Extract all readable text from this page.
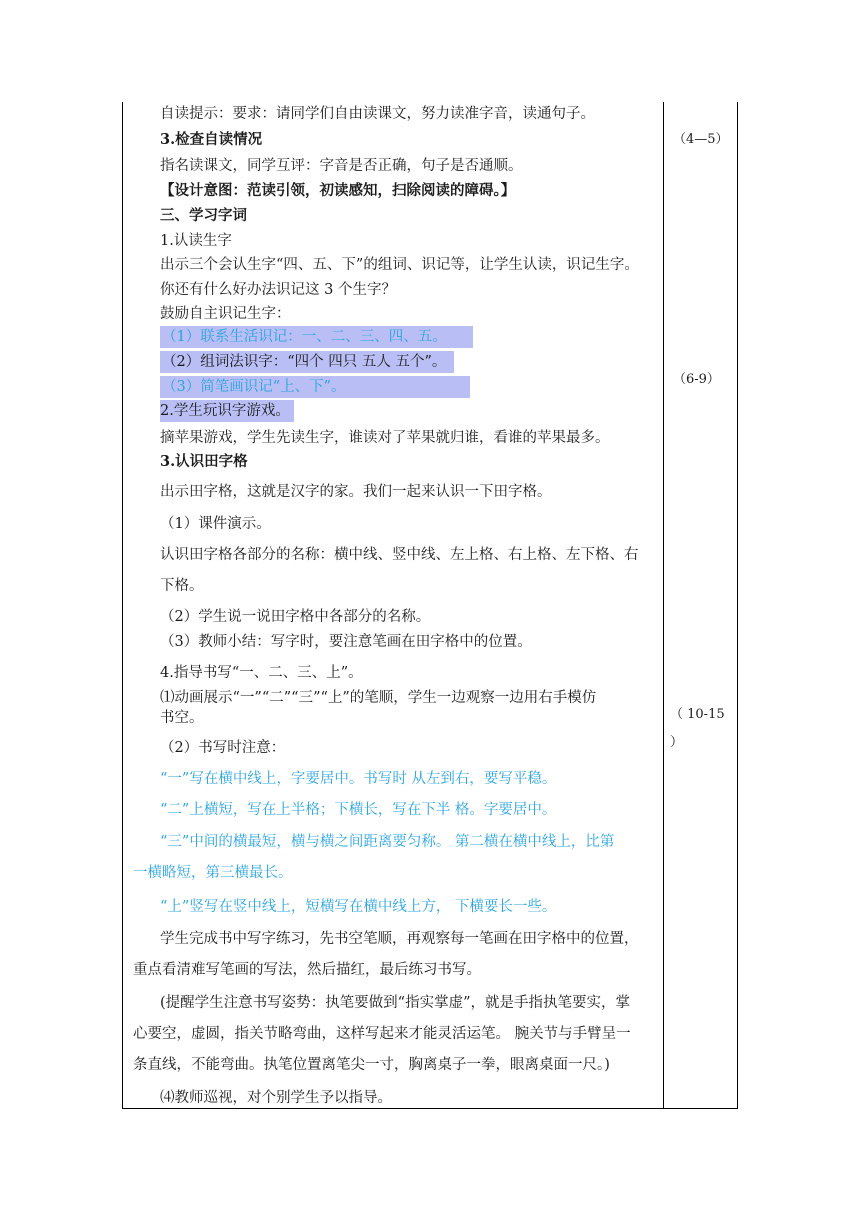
自读提示：要求：请同学们自由读课文，努力读准字音，读通句子。
3.检查自读情况
指名读课文，同学互评：字音是否正确，句子是否通顺。
【设计意图：范读引领，初读感知，扫除阅读的障碍。】
三、学习字词
1.认读生字
出示三个会认生字“四、五、下”的组词、识记等，让学生认读，识记生字。
你还有什么好办法识记这 3 个生字？
鼓励自主识记生字：
（1）联系生活识记：一、二、三、四、五。
（2）组词法识字：“四个 四只 五人 五个”。
（3）简笔画识记“上、下”。
2.学生玩识字游戏。
摘苹果游戏，学生先读生字，谁读对了苹果就归谁，看谁的苹果最多。
3.认识田字格
出示田字格，这就是汉字的家。我们一起来认识一下田字格。
（1）课件演示。
认识田字格各部分的名称：横中线、竖中线、左上格、右上格、左下格、右
下格。
（2）学生说一说田字格中各部分的名称。
（3）教师小结：写字时，要注意笔画在田字格中的位置。
4.指导书写“一、二、三、上”。
⑴动画展示“一”“二”“三”“上”的笔顺，学生一边观察一边用右手模仿
书空。
（2）书写时注意：
“一”写在横中线上，字要居中。书写时 从左到右，要写平稳。
“二”上横短，写在上半格；下横长，写在下半 格。字要居中。
“三”中间的横最短，横与横之间距离要匀称。 第二横在横中线上，比第
一横略短，第三横最长。
“上”竖写在竖中线上，短横写在横中线上方， 下横要长一些。
学生完成书中写字练习，先书空笔顺，再观察每一笔画在田字格中的位置，
重点看清难写笔画的写法，然后描红，最后练习书写。
(提醒学生注意书写姿势：执笔要做到“指实掌虚”，就是手指执笔要实，掌
心要空，虚圆，指关节略弯曲，这样写起来才能灵活运笔。 腕关节与手臂呈一
条直线，不能弯曲。执笔位置离笔尖一寸，胸离桌子一拳，眼离桌面一尺。)
⑷教师巡视，对个别学生予以指导。
（4—5）
（6-9）
（ 10-15
）
